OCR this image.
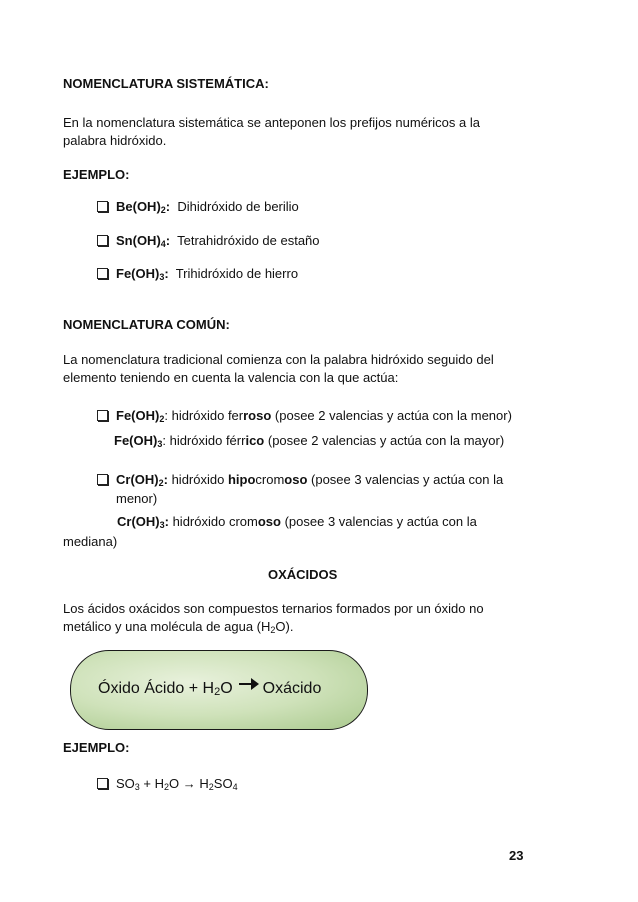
NOMENCLATURA SISTEMÁTICA:
En la nomenclatura sistemática se anteponen los prefijos numéricos a la
palabra hidróxido.
EJEMPLO:
$Be(OH)_2$: Dihidróxido de berilio
$Sn(OH)_4$: Tetrahidróxido de estaño
$Fe(OH)_3$: Trihidróxido de hierro
NOMENCLATURA COMÚN:
La nomenclatura tradicional comienza con la palabra hidróxido seguido del
elemento teniendo en cuenta la valencia con la que actúa:
$Fe(OH)_2$: hidróxido ferroso (posee 2 valencias y actúa con la menor)
$Fe(OH)_3$: hidróxido férrico (posee 2 valencias y actúa con la mayor)
$Cr(OH)_2$: hidróxido hipocromoso (posee 3 valencias y actúa con la
menor)
$Cr(OH)_3$: hidróxido cromoso (posee 3 valencias y actúa con la
mediana)
OXÁCIDOS
Los ácidos oxácidos son compuestos ternarios formados por un óxido no
metálico y una molécula de agua $(H_2O)$.
Óxido Ácido + $H_2O$ Oxácido
EJEMPLO:
$SO_3 + H_2O \to H_2SO_4$
23
